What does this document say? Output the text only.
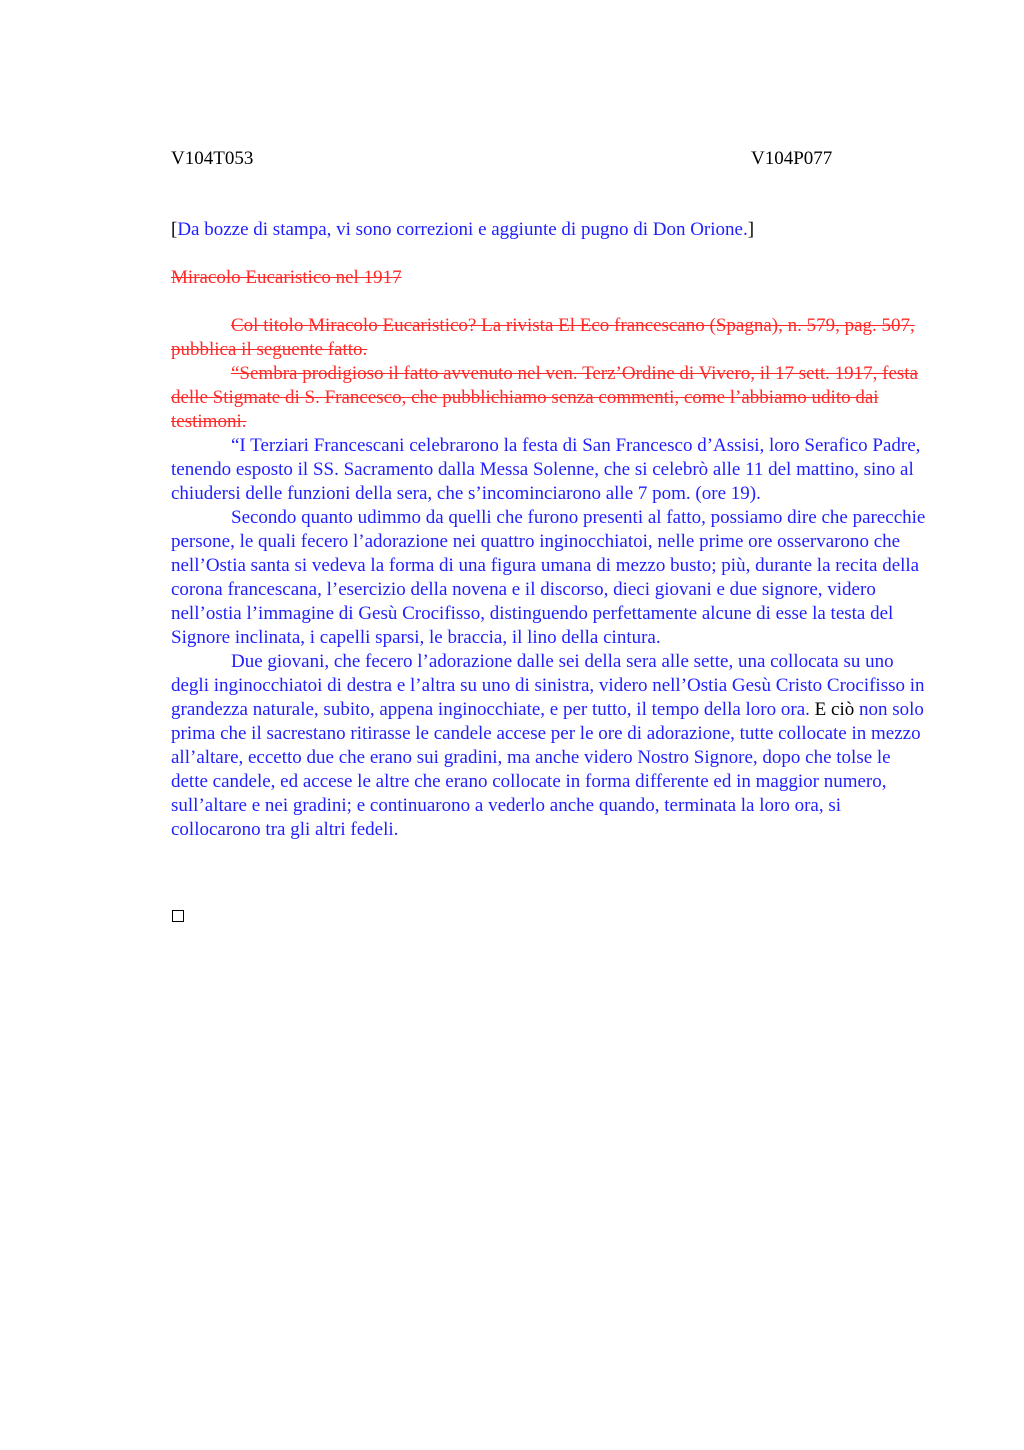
V104T053	V104P077
[Da bozze di stampa, vi sono correzioni e aggiunte di pugno di Don Orione.]
Miracolo Eucaristico nel 1917

Col titolo Miracolo Eucaristico? La rivista El Eco francescano (Spagna), n. 579, pag. 507, pubblica il seguente fatto.

“Sembra prodigioso il fatto avvenuto nel ven. Terz’Ordine di Vivero, il 17 sett. 1917, festa delle Stigmate di S. Francesco, che pubblichiamo senza commenti, come l’abbiamo udito dai testimoni.

“I Terziari Francescani celebrarono la festa di San Francesco d’Assisi, loro Serafico Padre, tenendo esposto il SS. Sacramento dalla Messa Solenne, che si celebrò alle 11 del mattino, sino al chiudersi delle funzioni della sera, che s’incominciarono alle 7 pom. (ore 19).

Secondo quanto udimmo da quelli che furono presenti al fatto, possiamo dire che parecchie persone, le quali fecero l’adorazione nei quattro inginocchiatoi, nelle prime ore osservarono che nell’Ostia santa si vedeva la forma di una figura umana di mezzo busto; più, durante la recita della corona francescana, l’esercizio della novena e il discorso, dieci giovani e due signore, videro nell’ostia l’immagine di Gesù Crocifisso, distinguendo perfettamente alcune di esse la testa del Signore inclinata, i capelli sparsi, le braccia, il lino della cintura.

Due giovani, che fecero l’adorazione dalle sei della sera alle sette, una collocata su uno degli inginocchiatoi di destra e l’altra su uno di sinistra, videro nell’Ostia Gesù Cristo Crocifisso in grandezza naturale, subito, appena inginocchiate, e per tutto, il tempo della loro ora. E ciò non solo prima che il sacrestano ritirasse le candele accese per le ore di adorazione, tutte collocate in mezzo all’altare, eccetto due che erano sui gradini, ma anche videro Nostro Signore, dopo che tolse le dette candele, ed accese le altre che erano collocate in forma differente ed in maggior numero, sull’altare e nei gradini; e continuarono a vederlo anche quando, terminata la loro ora, si collocarono tra gli altri fedeli.
